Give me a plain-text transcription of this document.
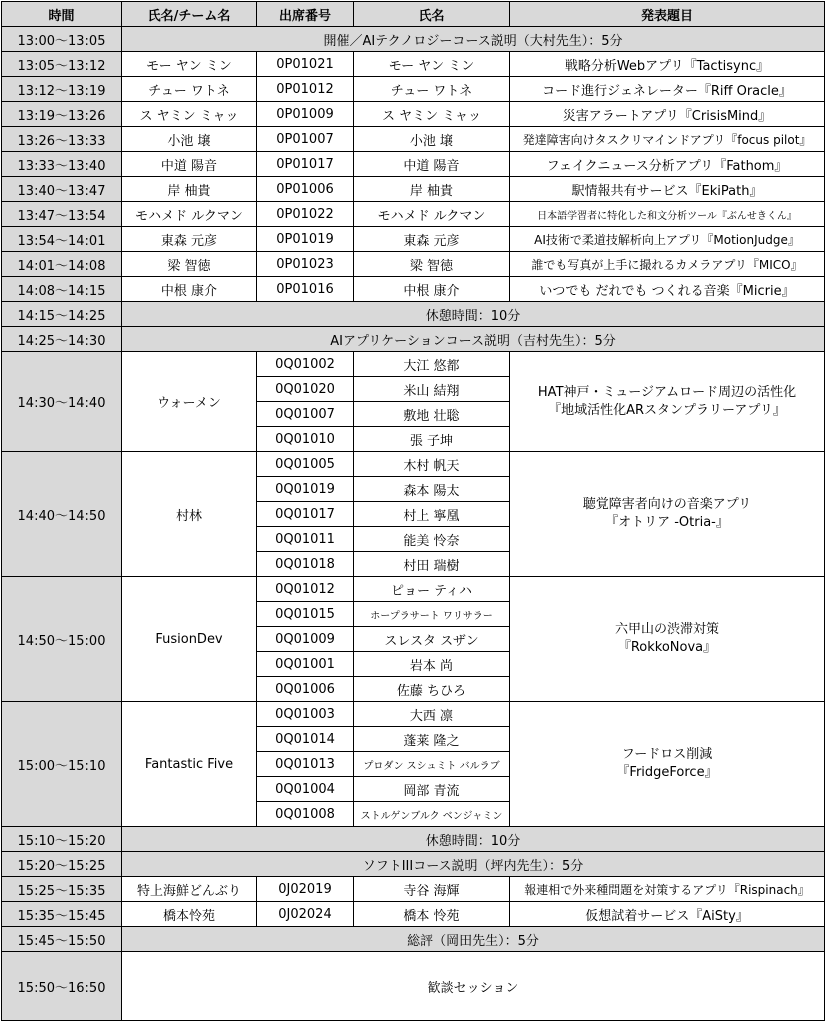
時間	氏名/チーム名	出席番号	氏名	発表題目
13:00〜13:05	開催／AIテクノロジーコース説明（大村先生）：5分			
13:05〜13:12	モー ヤン ミン	0P01021	モー ヤン ミン	戦略分析Webアプリ『Tactisync』
13:12〜13:19	チュー ワトネ	0P01012	チュー ワトネ	コード進行ジェネレーター『Riff Oracle』
13:19〜13:26	ス ヤミン ミャッ	0P01009	ス ヤミン ミャッ	災害アラートアプリ『CrisisMind』
13:26〜13:33	小池 壌	0P01007	小池 壌	発達障害向けタスクリマインドアプリ『focus pilot』
13:33〜13:40	中道 陽音	0P01017	中道 陽音	フェイクニュース分析アプリ『Fathom』
13:40〜13:47	岸 柚貴	0P01006	岸 柚貴	駅情報共有サービス『EkiPath』
13:47〜13:54	モハメド ルクマン	0P01022	モハメド ルクマン	日本語学習者に特化した和文分析ツール『ぶんせきくん』
13:54〜14:01	東森 元彦	0P01019	東森 元彦	AI技術で柔道技解析向上アプリ『MotionJudge』
14:01〜14:08	梁 智徳	0P01023	梁 智徳	誰でも写真が上手に撮れるカメラアプリ『MICO』
14:08〜14:15	中根 康介	0P01016	中根 康介	いつでも だれでも つくれる音楽『Micrie』
14:15〜14:25	休憩時間：10分			
14:25〜14:30	AIアプリケーションコース説明（吉村先生）：5分			
14:30〜14:40	ウォーメン	0Q01002	大江 悠都	HAT神戸・ミュージアムロード周辺の活性化
『地域活性化ARスタンプラリーアプリ』
		0Q01020	米山 結翔	
		0Q01007	敷地 壮聡	
		0Q01010	張 子坤	
14:40〜14:50	村林	0Q01005	木村 帆天	聴覚障害者向けの音楽アプリ
『オトリア -Otria-』
		0Q01019	森本 陽太	
		0Q01017	村上 寧凰	
		0Q01011	能美 怜奈	
		0Q01018	村田 瑞樹	
14:50〜15:00	FusionDev	0Q01012	ピョー ティハ	六甲山の渋滞対策
『RokkoNova』
		0Q01015	ホープラサート ワリサラー	
		0Q01009	スレスタ スザン	
		0Q01001	岩本 尚	
		0Q01006	佐藤 ちひろ	
15:00〜15:10	Fantastic Five	0Q01003	大西 凛	フードロス削減
『FridgeForce』
		0Q01014	蓬莱 隆之	
		0Q01013	プロダン スシュミト バルラブ	
		0Q01004	岡部 青流	
		0Q01008	ストルゲンブルク ベンジャミン	
15:10〜15:20	休憩時間：10分			
15:20〜15:25	ソフトIIIコース説明（坪内先生）：5分			
15:25〜15:35	特上海鮮どんぶり	0J02019	寺谷 海輝	報連相で外来種問題を対策するアプリ『Rispinach』
15:35〜15:45	橋本怜苑	0J02024	橋本 怜苑	仮想試着サービス『AiSty』
15:45〜15:50	総評（岡田先生）：5分			
15:50〜16:50	歓談セッション			
